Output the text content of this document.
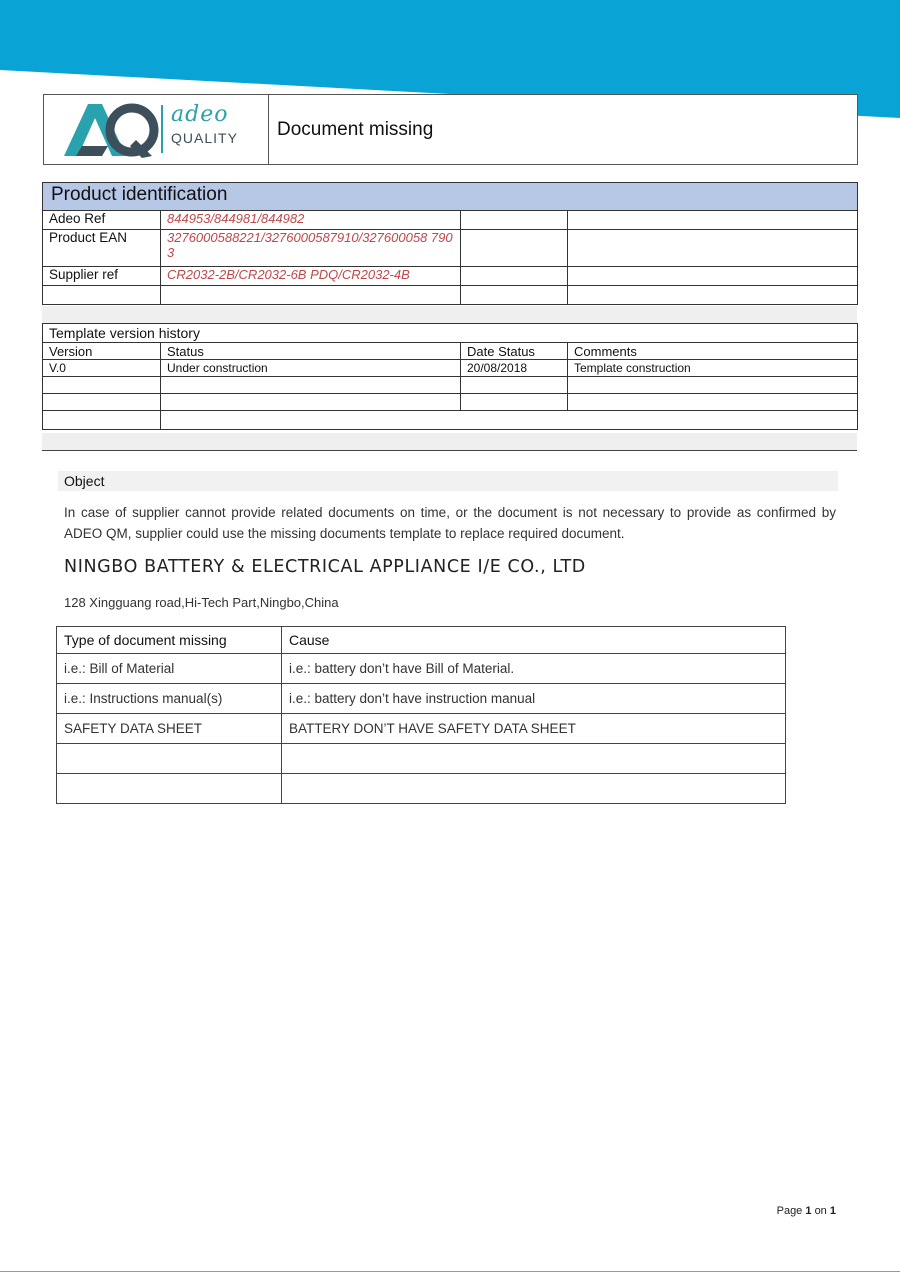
adeo
QUALITY	Document missing
Product identification			
Adeo Ref	844953/844981/844982		
Product EAN	3276000588221/3276000587910/327600058 7903		
Supplier ref	CR2032-2B/CR2032-6B PDQ/CR2032-4B		

Template version history			
Version	Status	Date Status	Comments
V.0	Under construction	20/08/2018	Template construction

Object
In case of supplier cannot provide related documents on time, or the document is not necessary to provide as confirmed by ADEO QM, supplier could use the missing documents template to replace required document.
NINGBO BATTERY & ELECTRICAL APPLIANCE I/E CO., LTD
128 Xingguang road,Hi-Tech Part,Ningbo,China
Type of document missing	Cause
i.e.: Bill of Material	i.e.: battery don’t have Bill of Material.
i.e.: Instructions manual(s)	i.e.: battery don’t have instruction manual
SAFETY DATA SHEET	BATTERY DON’T HAVE SAFETY DATA SHEET

Page 1 on 1
